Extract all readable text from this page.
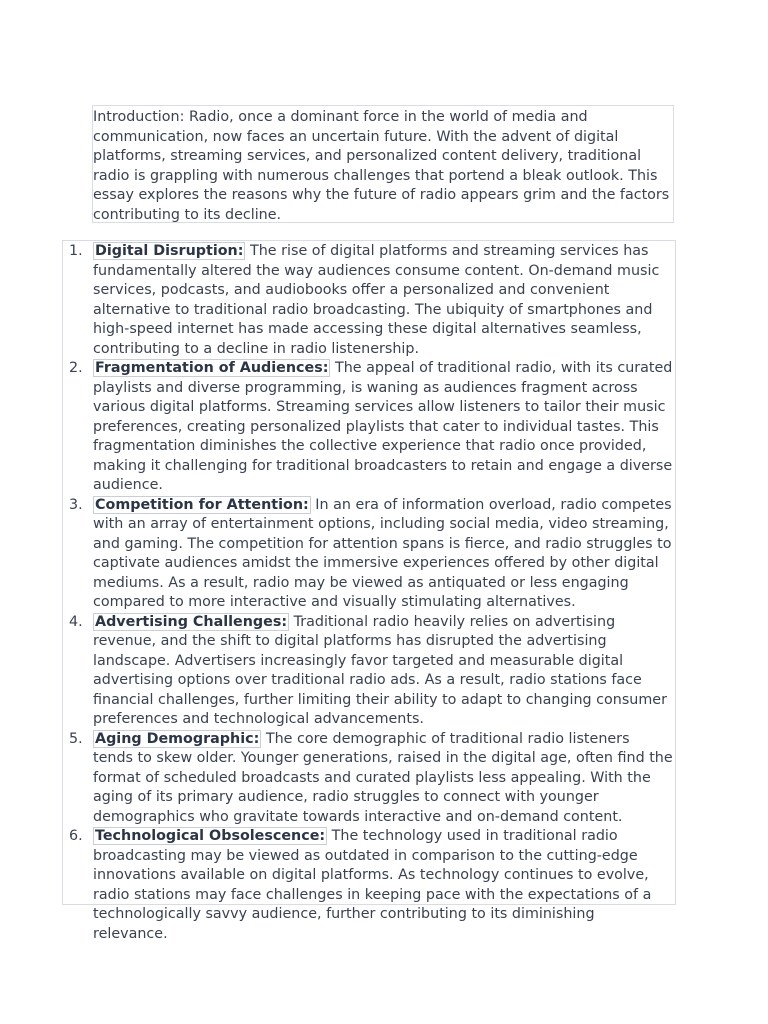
Introduction: Radio, once a dominant force in the world of media and communication, now faces an uncertain future. With the advent of digital platforms, streaming services, and personalized content delivery, traditional radio is grappling with numerous challenges that portend a bleak outlook. This essay explores the reasons why the future of radio appears grim and the factors contributing to its decline.
1. Digital Disruption: The rise of digital platforms and streaming services has fundamentally altered the way audiences consume content. On-demand music services, podcasts, and audiobooks offer a personalized and convenient alternative to traditional radio broadcasting. The ubiquity of smartphones and high-speed internet has made accessing these digital alternatives seamless, contributing to a decline in radio listenership.
2. Fragmentation of Audiences: The appeal of traditional radio, with its curated playlists and diverse programming, is waning as audiences fragment across various digital platforms. Streaming services allow listeners to tailor their music preferences, creating personalized playlists that cater to individual tastes. This fragmentation diminishes the collective experience that radio once provided, making it challenging for traditional broadcasters to retain and engage a diverse audience.
3. Competition for Attention: In an era of information overload, radio competes with an array of entertainment options, including social media, video streaming, and gaming. The competition for attention spans is fierce, and radio struggles to captivate audiences amidst the immersive experiences offered by other digital mediums. As a result, radio may be viewed as antiquated or less engaging compared to more interactive and visually stimulating alternatives.
4. Advertising Challenges: Traditional radio heavily relies on advertising revenue, and the shift to digital platforms has disrupted the advertising landscape. Advertisers increasingly favor targeted and measurable digital advertising options over traditional radio ads. As a result, radio stations face financial challenges, further limiting their ability to adapt to changing consumer preferences and technological advancements.
5. Aging Demographic: The core demographic of traditional radio listeners tends to skew older. Younger generations, raised in the digital age, often find the format of scheduled broadcasts and curated playlists less appealing. With the aging of its primary audience, radio struggles to connect with younger demographics who gravitate towards interactive and on-demand content.
6. Technological Obsolescence: The technology used in traditional radio broadcasting may be viewed as outdated in comparison to the cutting-edge innovations available on digital platforms. As technology continues to evolve, radio stations may face challenges in keeping pace with the expectations of a technologically savvy audience, further contributing to its diminishing relevance.
